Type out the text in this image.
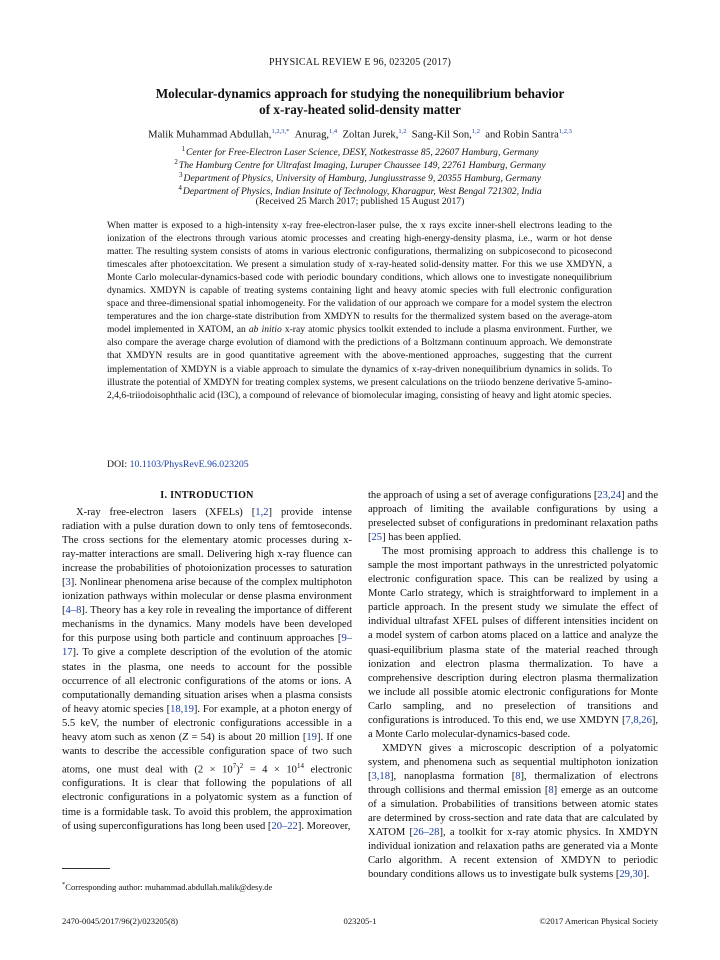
PHYSICAL REVIEW E 96, 023205 (2017)
Molecular-dynamics approach for studying the nonequilibrium behavior
of x-ray-heated solid-density matter
Malik Muhammad Abdullah,$^{1,2,3,*}$ Anurag,$^{1,4}$ Zoltan Jurek,$^{1,2}$ Sang-Kil Son,$^{1,2}$ and Robin Santra$^{1,2,3}$
$^1$Center for Free-Electron Laser Science, DESY, Notkestrasse 85, 22607 Hamburg, Germany
$^2$The Hamburg Centre for Ultrafast Imaging, Luruper Chaussee 149, 22761 Hamburg, Germany
$^3$Department of Physics, University of Hamburg, Jungiusstrasse 9, 20355 Hamburg, Germany
$^4$Department of Physics, Indian Insitute of Technology, Kharagpur, West Bengal 721302, India
(Received 25 March 2017; published 15 August 2017)
When matter is exposed to a high-intensity x-ray free-electron-laser pulse, the x rays excite inner-shell electrons leading to the ionization of the electrons through various atomic processes and creating high-energy-density plasma, i.e., warm or hot dense matter. The resulting system consists of atoms in various electronic configurations, thermalizing on subpicosecond to picosecond timescales after photoexcitation. We present a simulation study of x-ray-heated solid-density matter. For this we use XMDYN, a Monte Carlo molecular-dynamics-based code with periodic boundary conditions, which allows one to investigate nonequilibrium dynamics. XMDYN is capable of treating systems containing light and heavy atomic species with full electronic configuration space and three-dimensional spatial inhomogeneity. For the validation of our approach we compare for a model system the electron temperatures and the ion charge-state distribution from XMDYN to results for the thermalized system based on the average-atom model implemented in XATOM, an ab initio x-ray atomic physics toolkit extended to include a plasma environment. Further, we also compare the average charge evolution of diamond with the predictions of a Boltzmann continuum approach. We demonstrate that XMDYN results are in good quantitative agreement with the above-mentioned approaches, suggesting that the current implementation of XMDYN is a viable approach to simulate the dynamics of x-ray-driven nonequilibrium dynamics in solids. To illustrate the potential of XMDYN for treating complex systems, we present calculations on the triiodo benzene derivative 5-amino-2,4,6-triiodoisophthalic acid (I3C), a compound of relevance of biomolecular imaging, consisting of heavy and light atomic species.
DOI: 10.1103/PhysRevE.96.023205
I. INTRODUCTION

X-ray free-electron lasers (XFELs) [1,2] provide intense radiation with a pulse duration down to only tens of femtoseconds. The cross sections for the elementary atomic processes during x-ray-matter interactions are small. Delivering high x-ray fluence can increase the probabilities of photoionization processes to saturation [3]. Nonlinear phenomena arise because of the complex multiphoton ionization pathways within molecular or dense plasma environment [4–8]. Theory has a key role in revealing the importance of different mechanisms in the dynamics. Many models have been developed for this purpose using both particle and continuum approaches [9–17]. To give a complete description of the evolution of the atomic states in the plasma, one needs to account for the possible occurrence of all electronic configurations of the atoms or ions. A computationally demanding situation arises when a plasma consists of heavy atomic species [18,19]. For example, at a photon energy of 5.5 keV, the number of electronic configurations accessible in a heavy atom such as xenon (Z = 54) is about 20 million [19]. If one wants to describe the accessible configuration space of two such atoms, one must deal with $(2 \times 10^7)^2 = 4 \times 10^{14}$ electronic configurations. It is clear that following the populations of all electronic configurations in a polyatomic system as a function of time is a formidable task. To avoid this problem, the approximation of using superconfigurations has long been used [20–22]. Moreover,

the approach of using a set of average configurations [23,24] and the approach of limiting the available configurations by using a preselected subset of configurations in predominant relaxation paths [25] has been applied.

The most promising approach to address this challenge is to sample the most important pathways in the unrestricted polyatomic electronic configuration space. This can be realized by using a Monte Carlo strategy, which is straightforward to implement in a particle approach. In the present study we simulate the effect of individual ultrafast XFEL pulses of different intensities incident on a model system of carbon atoms placed on a lattice and analyze the quasi-equilibrium plasma state of the material reached through ionization and electron plasma thermalization. To have a comprehensive description during electron plasma thermalization we include all possible atomic electronic configurations for Monte Carlo sampling, and no preselection of transitions and configurations is introduced. To this end, we use XMDYN [7,8,26], a Monte Carlo molecular-dynamics-based code.

XMDYN gives a microscopic description of a polyatomic system, and phenomena such as sequential multiphoton ionization [3,18], nanoplasma formation [8], thermalization of electrons through collisions and thermal emission [8] emerge as an outcome of a simulation. Probabilities of transitions between atomic states are determined by cross-section and rate data that are calculated by XATOM [26–28], a toolkit for x-ray atomic physics. In XMDYN individual ionization and relaxation paths are generated via a Monte Carlo algorithm. A recent extension of XMDYN to periodic boundary conditions allows us to investigate bulk systems [29,30].

*Corresponding author: muhammad.abdullah.malik@desy.de
2470-0045/2017/96(2)/023205(8)	023205-1	©2017 American Physical Society
